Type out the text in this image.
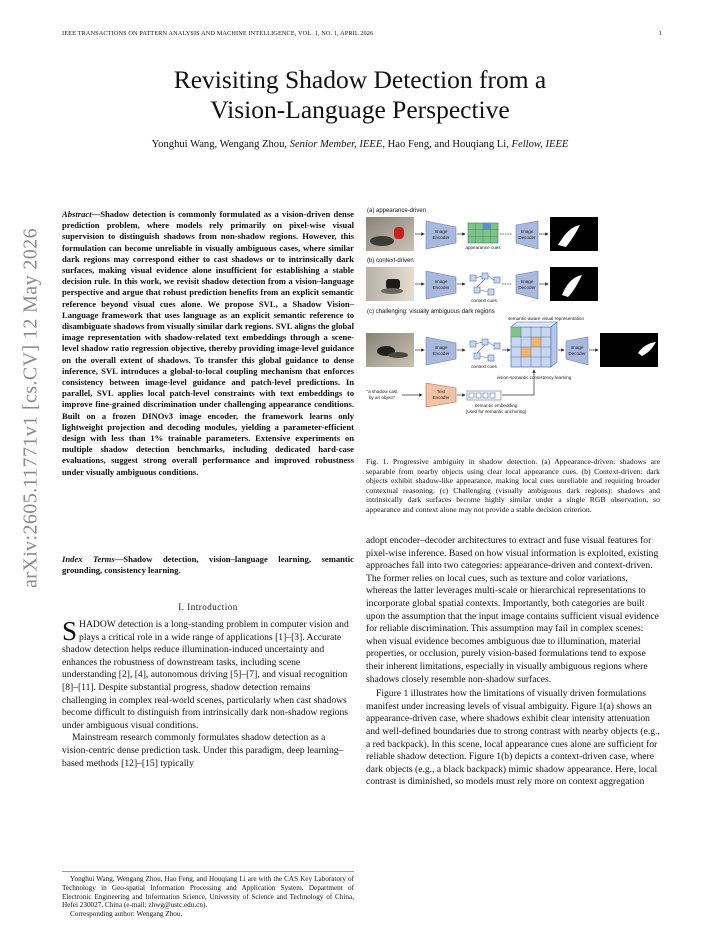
IEEE TRANSACTIONS ON PATTERN ANALYSIS AND MACHINE INTELLIGENCE, VOL. 1, NO. 1, APRIL 2026	1
Revisiting Shadow Detection from a
Vision-Language Perspective
Yonghui Wang, Wengang Zhou, Senior Member, IEEE, Hao Feng, and Houqiang Li, Fellow, IEEE
arXiv:2605.11771v1 [cs.CV] 12 May 2026
Abstract—Shadow detection is commonly formulated as a vision-driven dense prediction problem, where models rely primarily on pixel-wise visual supervision to distinguish shadows from non-shadow regions. However, this formulation can become unreliable in visually ambiguous cases, where similar dark regions may correspond either to cast shadows or to intrinsically dark surfaces, making visual evidence alone insufficient for establishing a stable decision rule. In this work, we revisit shadow detection from a vision–language perspective and argue that robust prediction benefits from an explicit semantic reference beyond visual cues alone. We propose SVL, a Shadow Vision–Language framework that uses language as an explicit semantic reference to disambiguate shadows from visually similar dark regions. SVL aligns the global image representation with shadow-related text embeddings through a scene-level shadow ratio regression objective, thereby providing image-level guidance on the overall extent of shadows. To transfer this global guidance to dense inference, SVL introduces a global-to-local coupling mechanism that enforces consistency between image-level guidance and patch-level predictions. In parallel, SVL applies local patch-level constraints with text embeddings to improve fine-grained discrimination under challenging appearance conditions. Built on a frozen DINOv3 image encoder, the framework learns only lightweight projection and decoding modules, yielding a parameter-efficient design with less than 1% trainable parameters. Extensive experiments on multiple shadow detection benchmarks, including dedicated hard-case evaluations, suggest strong overall performance and improved robustness under visually ambiguous conditions.
Index Terms—Shadow detection, vision–language learning, semantic grounding, consistency learning.
I. Introduction

SHADOW detection is a long-standing problem in computer vision and plays a critical role in a wide range of applications [1]–[3]. Accurate shadow detection helps reduce illumination-induced uncertainty and enhances the robustness of downstream tasks, including scene understanding [2], [4], autonomous driving [5]–[7], and visual recognition [8]–[11]. Despite substantial progress, shadow detection remains challenging in complex real-world scenes, particularly when cast shadows become difficult to distinguish from intrinsically dark non-shadow regions under ambiguous visual conditions.

Mainstream research commonly formulates shadow detection as a vision-centric dense prediction task. Under this paradigm, deep learning–based methods [12]–[15] typically

Yonghui Wang, Wengang Zhou, Hao Feng, and Houqiang Li are with the CAS Key Laboratory of Technology in Geo-spatial Information Processing and Application System, Department of Electronic Engineering and Information Science, University of Science and Technology of China, Hefei 230027, China (e-mail: zhwg@ustc.edu.cn).

Corresponding author: Wengang Zhou.

(a) appearance-driven
Image
Encoder
appearance cues
Image
Decoder
(b) context-driven
Image
Encoder
context cues
Image
Decoder
(c) challenging: visually ambiguous dark regions
Image
Encoder
context cues
semantic-aware visual representation
Image
Decoder
vision-semantic consistency learning
“a shadow cast
by an object”
Text
Encoder
semantic embedding
(used for semantic anchoring)
Fig. 1. Progressive ambiguity in shadow detection. (a) Appearance-driven: shadows are separable from nearby objects using clear local appearance cues. (b) Context-driven: dark objects exhibit shadow-like appearance, making local cues unreliable and requiring broader contextual reasoning. (c) Challenging (visually ambiguous dark regions): shadows and intrinsically dark surfaces become highly similar under a single RGB observation, so appearance and context alone may not provide a stable decision criterion.

adopt encoder–decoder architectures to extract and fuse visual features for pixel-wise inference. Based on how visual information is exploited, existing approaches fall into two categories: appearance-driven and context-driven. The former relies on local cues, such as texture and color variations, whereas the latter leverages multi-scale or hierarchical representations to incorporate global spatial contexts. Importantly, both categories are built upon the assumption that the input image contains sufficient visual evidence for reliable discrimination. This assumption may fail in complex scenes: when visual evidence becomes ambiguous due to illumination, material properties, or occlusion, purely vision-based formulations tend to expose their inherent limitations, especially in visually ambiguous regions where shadows closely resemble non-shadow surfaces.

Figure 1 illustrates how the limitations of visually driven formulations manifest under increasing levels of visual ambiguity. Figure 1(a) shows an appearance-driven case, where shadows exhibit clear intensity attenuation and well-defined boundaries due to strong contrast with nearby objects (e.g., a red backpack). In this scene, local appearance cues alone are sufficient for reliable shadow detection. Figure 1(b) depicts a context-driven case, where dark objects (e.g., a black backpack) mimic shadow appearance. Here, local contrast is diminished, so models must rely more on context aggregation
